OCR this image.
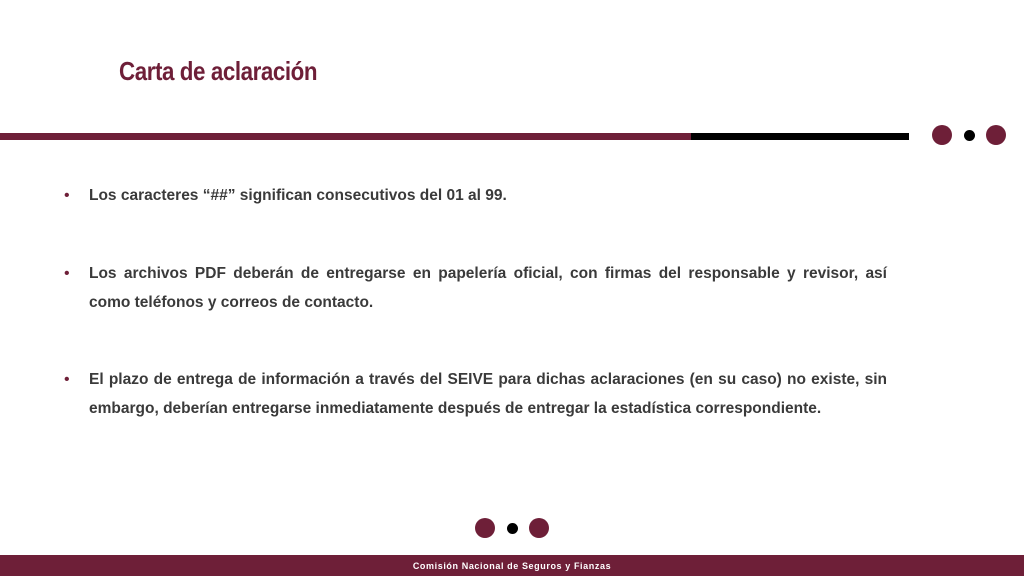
Carta de aclaración
• Los caracteres “##” significan consecutivos del 01 al 99.
• Los archivos PDF deberán de entregarse en papelería oficial, con firmas del responsable y revisor, así como teléfonos y correos de contacto.
• El plazo de entrega de información a través del SEIVE para dichas aclaraciones (en su caso) no existe, sin embargo, deberían entregarse inmediatamente después de entregar la estadística correspondiente.
Comisión Nacional de Seguros y Fianzas
